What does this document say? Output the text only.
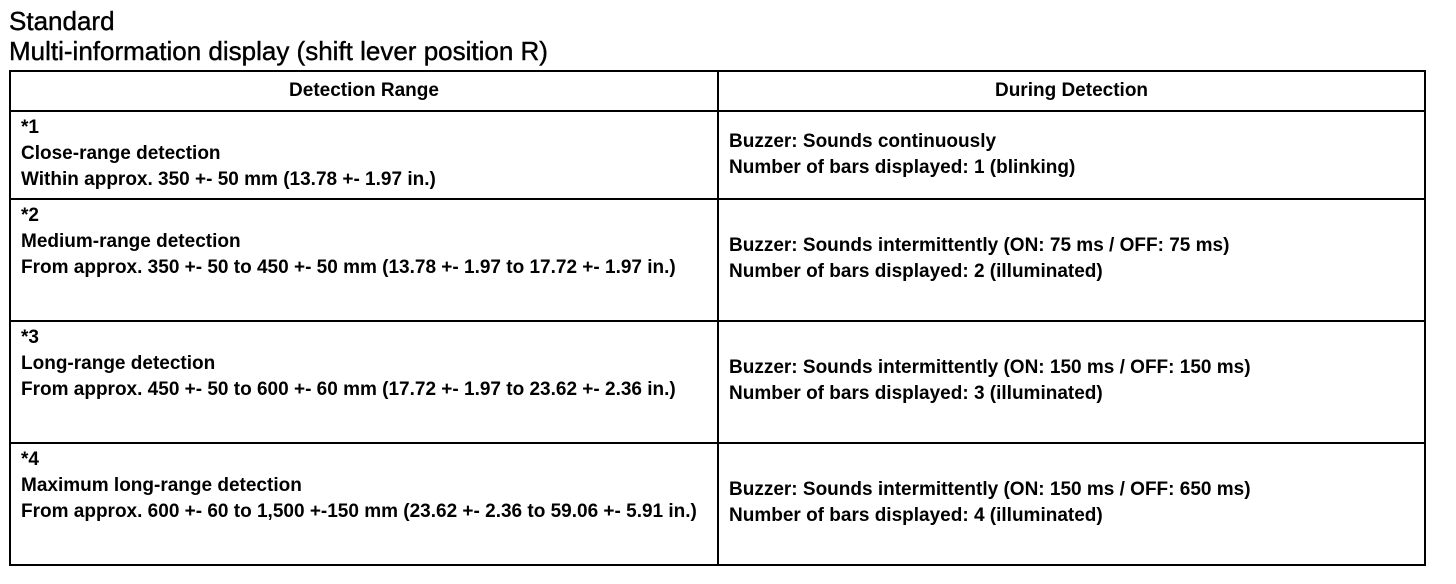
Standard
Multi-information display (shift lever position R)
Detection Range	During Detection

*1
Close-range detection
Within approx. 350 +- 50 mm (13.78 +- 1.97 in.)	Buzzer: Sounds continuously
Number of bars displayed: 1 (blinking)

*2
Medium-range detection
From approx. 350 +- 50 to 450 +- 50 mm (13.78 +- 1.97 to 17.72 +- 1.97 in.)	Buzzer: Sounds intermittently (ON: 75 ms / OFF: 75 ms)
Number of bars displayed: 2 (illuminated)

*3
Long-range detection
From approx. 450 +- 50 to 600 +- 60 mm (17.72 +- 1.97 to 23.62 +- 2.36 in.)	Buzzer: Sounds intermittently (ON: 150 ms / OFF: 150 ms)
Number of bars displayed: 3 (illuminated)

*4
Maximum long-range detection
From approx. 600 +- 60 to 1,500 +-150 mm (23.62 +- 2.36 to 59.06 +- 5.91 in.)	Buzzer: Sounds intermittently (ON: 150 ms / OFF: 650 ms)
Number of bars displayed: 4 (illuminated)
